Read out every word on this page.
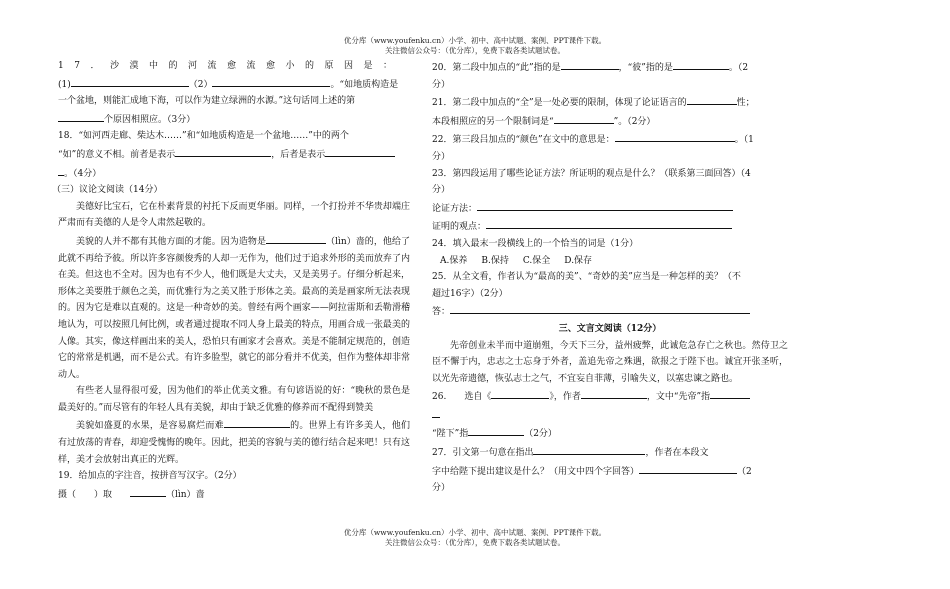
优分库（www.youfenku.cn）小学、初中、高中试题、案例、PPT课件下载。
关注微信公众号：（优分库），免费下载各类试题试卷。

17．沙漠中的河流愈流愈小的原因是：

(1)	（2）	。“如地质构造是

一个盆地，则能汇成地下海，可以作为建立绿洲的水源。”这句话同上述的第

个原因相照应。（3分）

18．“如河西走廊、柴达木……”和“如地质构造是一个盆地……”中的两个

“如”的意义不相。前者是表示	，后者是表示

。（4分）

（三）议论文阅读（14分）

美德好比宝石，它在朴素背景的衬托下反而更华丽。同样，一个打扮并不华贵却端庄严肃而有美德的人是令人肃然起敬的。

美貌的人并不都有其他方面的才能。因为造物是	（lìn）啬的，他给了此就不再给予彼。所以许多容颜俊秀的人却一无作为，他们过于追求外形的美而放弃了内在美。但这也不全对。因为也有不少人，他们既是大丈夫，又是美男子。仔细分析起来，形体之美要胜于颜色之美，而优雅行为之美又胜于形体之美。最高的美是画家所无法表现的。因为它是难以直观的。这是一种奇妙的美。曾经有两个画家——阿拉雷斯和丢勒滑稽地认为，可以按照几何比例，或者通过提取不同人身上最美的特点，用画合成一张最美的人像。其实，像这样画出来的美人，恐怕只有画家才会喜欢。美是不能制定规范的，创造它的常常是机遇，而不是公式。有许多脸型，就它的部分看并不优美，但作为整体却非常动人。

有些老人显得很可爱，因为他们的举止优美文雅。有句谚语说的好：“晚秋的景色是最美好的。”而尽管有的年轻人具有美貌，却由于缺乏优雅的修养而不配得到赞美

美貌如盛夏的水果，是容易腐烂而难	的。世界上有许多美人，他们有过放荡的青春，却迎受愧悔的晚年。因此，把美的容貌与美的德行结合起来吧！只有这样，美才会放射出真正的光辉。

19．给加点的字注音，按拼音写汉字。（2分）

摄（　　）取　　	（lìn）啬

20．第二段中加点的“此”指的是	，“彼”指的是	。（2

分）

21．第二段中加点的“全”是一处必要的限制，体现了论证语言的	性；

本段相照应的另一个限制词是“	”。（2分）

22．第三段吕加点的“颜色”在文中的意思是：	。（1

分）

23．第四段运用了哪些论证方法？所证明的观点是什么？（联系第三面回答）（4

分）

论证方法：

证明的观点：

24．填入最末一段横线上的一个恰当的词是（1分）

A.保养 B.保持 C.保全 D.保存

25．从全文看，作者认为“最高的美”、“奇妙的美”应当是一种怎样的美？（不

超过16字）（2分）

答：

三、文言文阅读（12分）

先帝创业未半而中道崩殂，今天下三分，益州疲弊，此诚危急存亡之秋也。然侍卫之臣不懈于内，忠志之士忘身于外者，盖追先帝之殊遇，欲报之于陛下也。诚宜开张圣听，以光先帝遗德，恢弘志士之气，不宜妄自菲薄，引喻失义，以塞忠谏之路也。

26.　　选自《	》，作者	，文中“先帝”指

“陛下”指	（2分）

27．引文第一句意在指出	，作者在本段文

字中给陛下提出建议是什么？（用文中四个字回答）	（2

分）

优分库（www.youfenku.cn）小学、初中、高中试题、案例、PPT课件下载。
关注微信公众号：（优分库），免费下载各类试题试卷。
